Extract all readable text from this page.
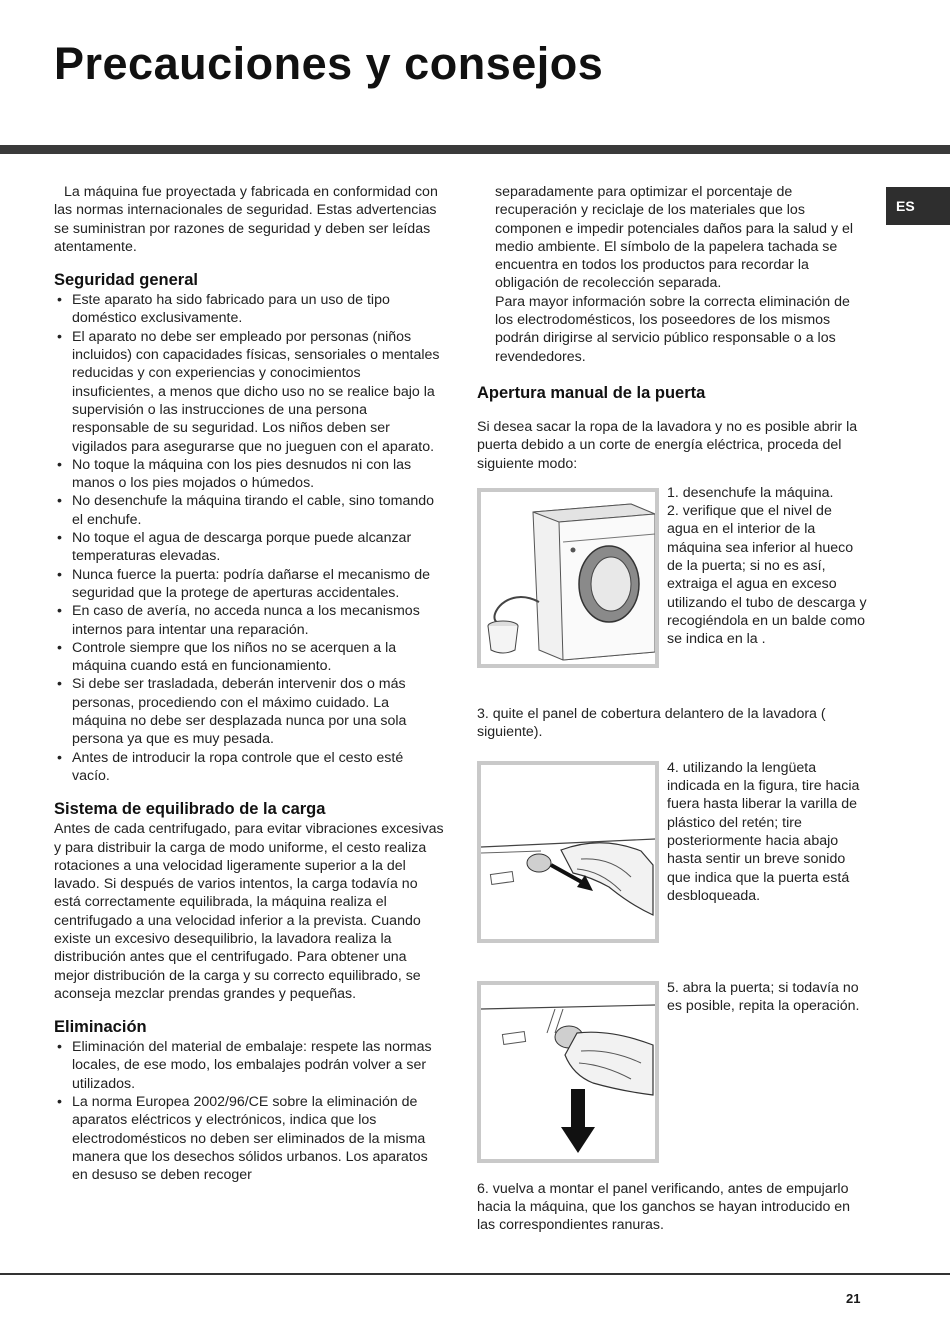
Precauciones y consejos
ES

La máquina fue proyectada y fabricada en conformidad con las normas internacionales de seguridad. Estas advertencias se suministran por razones de seguridad y deben ser leídas atentamente.

Seguridad general
• Este aparato ha sido fabricado para un uso de tipo doméstico exclusivamente.
• El aparato no debe ser empleado por personas (niños incluidos) con capacidades físicas, sensoriales o mentales reducidas y con experiencias y conocimientos insuficientes, a menos que dicho uso no se realice bajo la supervisión o las instrucciones de una persona responsable de su seguridad. Los niños deben ser vigilados para asegurarse que no jueguen con el aparato.
• No toque la máquina con los pies desnudos ni con las manos o los pies mojados o húmedos.
• No desenchufe la máquina tirando el cable, sino tomando el enchufe.
• No toque el agua de descarga porque puede alcanzar temperaturas elevadas.
• Nunca fuerce la puerta: podría dañarse el mecanismo de seguridad que la protege de aperturas accidentales.
• En caso de avería, no acceda nunca a los mecanismos internos para intentar una reparación.
• Controle siempre que los niños no se acerquen a la máquina cuando está en funcionamiento.
• Si debe ser trasladada, deberán intervenir dos o más personas, procediendo con el máximo cuidado. La máquina no debe ser desplazada nunca por una sola persona ya que es muy pesada.
• Antes de introducir la ropa controle que el cesto esté vacío.
Sistema de equilibrado de la carga

Antes de cada centrifugado, para evitar vibraciones excesivas y para distribuir la carga de modo uniforme, el cesto realiza rotaciones a una velocidad ligeramente superior a la del lavado. Si después de varios intentos, la carga todavía no está correctamente equilibrada, la máquina realiza el centrifugado a una velocidad inferior a la prevista. Cuando existe un excesivo desequilibrio, la lavadora realiza la distribución antes que el centrifugado. Para obtener una mejor distribución de la carga y su correcto equilibrado, se aconseja mezclar prendas grandes y pequeñas.

Eliminación
• Eliminación del material de embalaje: respete las normas locales, de ese modo, los embalajes podrán volver a ser utilizados.
• La norma Europea 2002/96/CE sobre la eliminación de aparatos eléctricos y electrónicos, indica que los electrodomésticos no deben ser eliminados de la misma manera que los desechos sólidos urbanos. Los aparatos en desuso se deben recoger

separadamente para optimizar el porcentaje de recuperación y reciclaje de los materiales que los componen e impedir potenciales daños para la salud y el medio ambiente. El símbolo de la papelera tachada se encuentra en todos los productos para recordar la obligación de recolección separada.

Para mayor información sobre la correcta eliminación de los electrodomésticos, los poseedores de los mismos podrán dirigirse al servicio público responsable o a los revendedores.

Apertura manual de la puerta

Si desea sacar la ropa de la lavadora y no es posible abrir la puerta debido a un corte de energía eléctrica, proceda del siguiente modo:

1. desenchufe la máquina.

2. verifique que el nivel de agua en el interior de la máquina sea inferior al hueco de la puerta; si no es así, extraiga el agua en exceso utilizando el tubo de descarga y recogiéndola en un balde como se indica en la .

3. quite el panel de cobertura delantero de la lavadora ( siguiente).

4. utilizando la lengüeta indicada en la figura, tire hacia fuera hasta liberar la varilla de plástico del retén; tire posteriormente hacia abajo hasta sentir un breve sonido que indica que la puerta está desbloqueada.

5. abra la puerta; si todavía no es posible, repita la operación.

6. vuelva a montar el panel verificando, antes de empujarlo hacia la máquina, que los ganchos se hayan introducido en las correspondientes ranuras.

21
